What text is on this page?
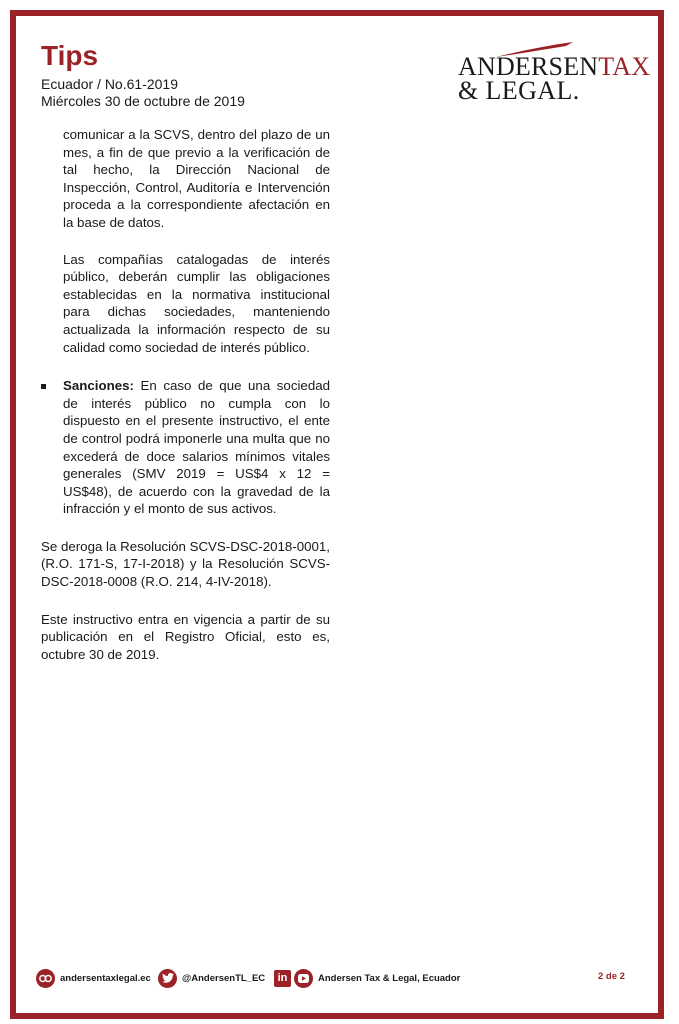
Tips
Ecuador / No.61-2019
Miércoles 30 de octubre de 2019
ANDERSENTAX
& LEGAL.

comunicar a la SCVS, dentro del plazo de un mes, a fin de que previo a la verificación de tal hecho, la Dirección Nacional de Inspección, Control, Auditoría e Intervención proceda a la correspondiente afectación en la base de datos.

Las compañías catalogadas de interés público, deberán cumplir las obligaciones establecidas en la normativa institucional para dichas sociedades, manteniendo actualizada la información respecto de su calidad como sociedad de interés público.

Sanciones: En caso de que una sociedad de interés público no cumpla con lo dispuesto en el presente instructivo, el ente de control podrá imponerle una multa que no excederá de doce salarios mínimos vitales generales (SMV 2019 = US$4 x 12 = US$48), de acuerdo con la gravedad de la infracción y el monto de sus activos.

Se deroga la Resolución SCVS-DSC-2018-0001, (R.O. 171-S, 17-I-2018) y la Resolución SCVS-DSC-2018-0008 (R.O. 214, 4-IV-2018).

Este instructivo entra en vigencia a partir de su publicación en el Registro Oficial, esto es, octubre 30 de 2019.

andersentaxlegal.ec	@AndersenTL_EC	in	Andersen Tax & Legal, Ecuador	2 de 2
